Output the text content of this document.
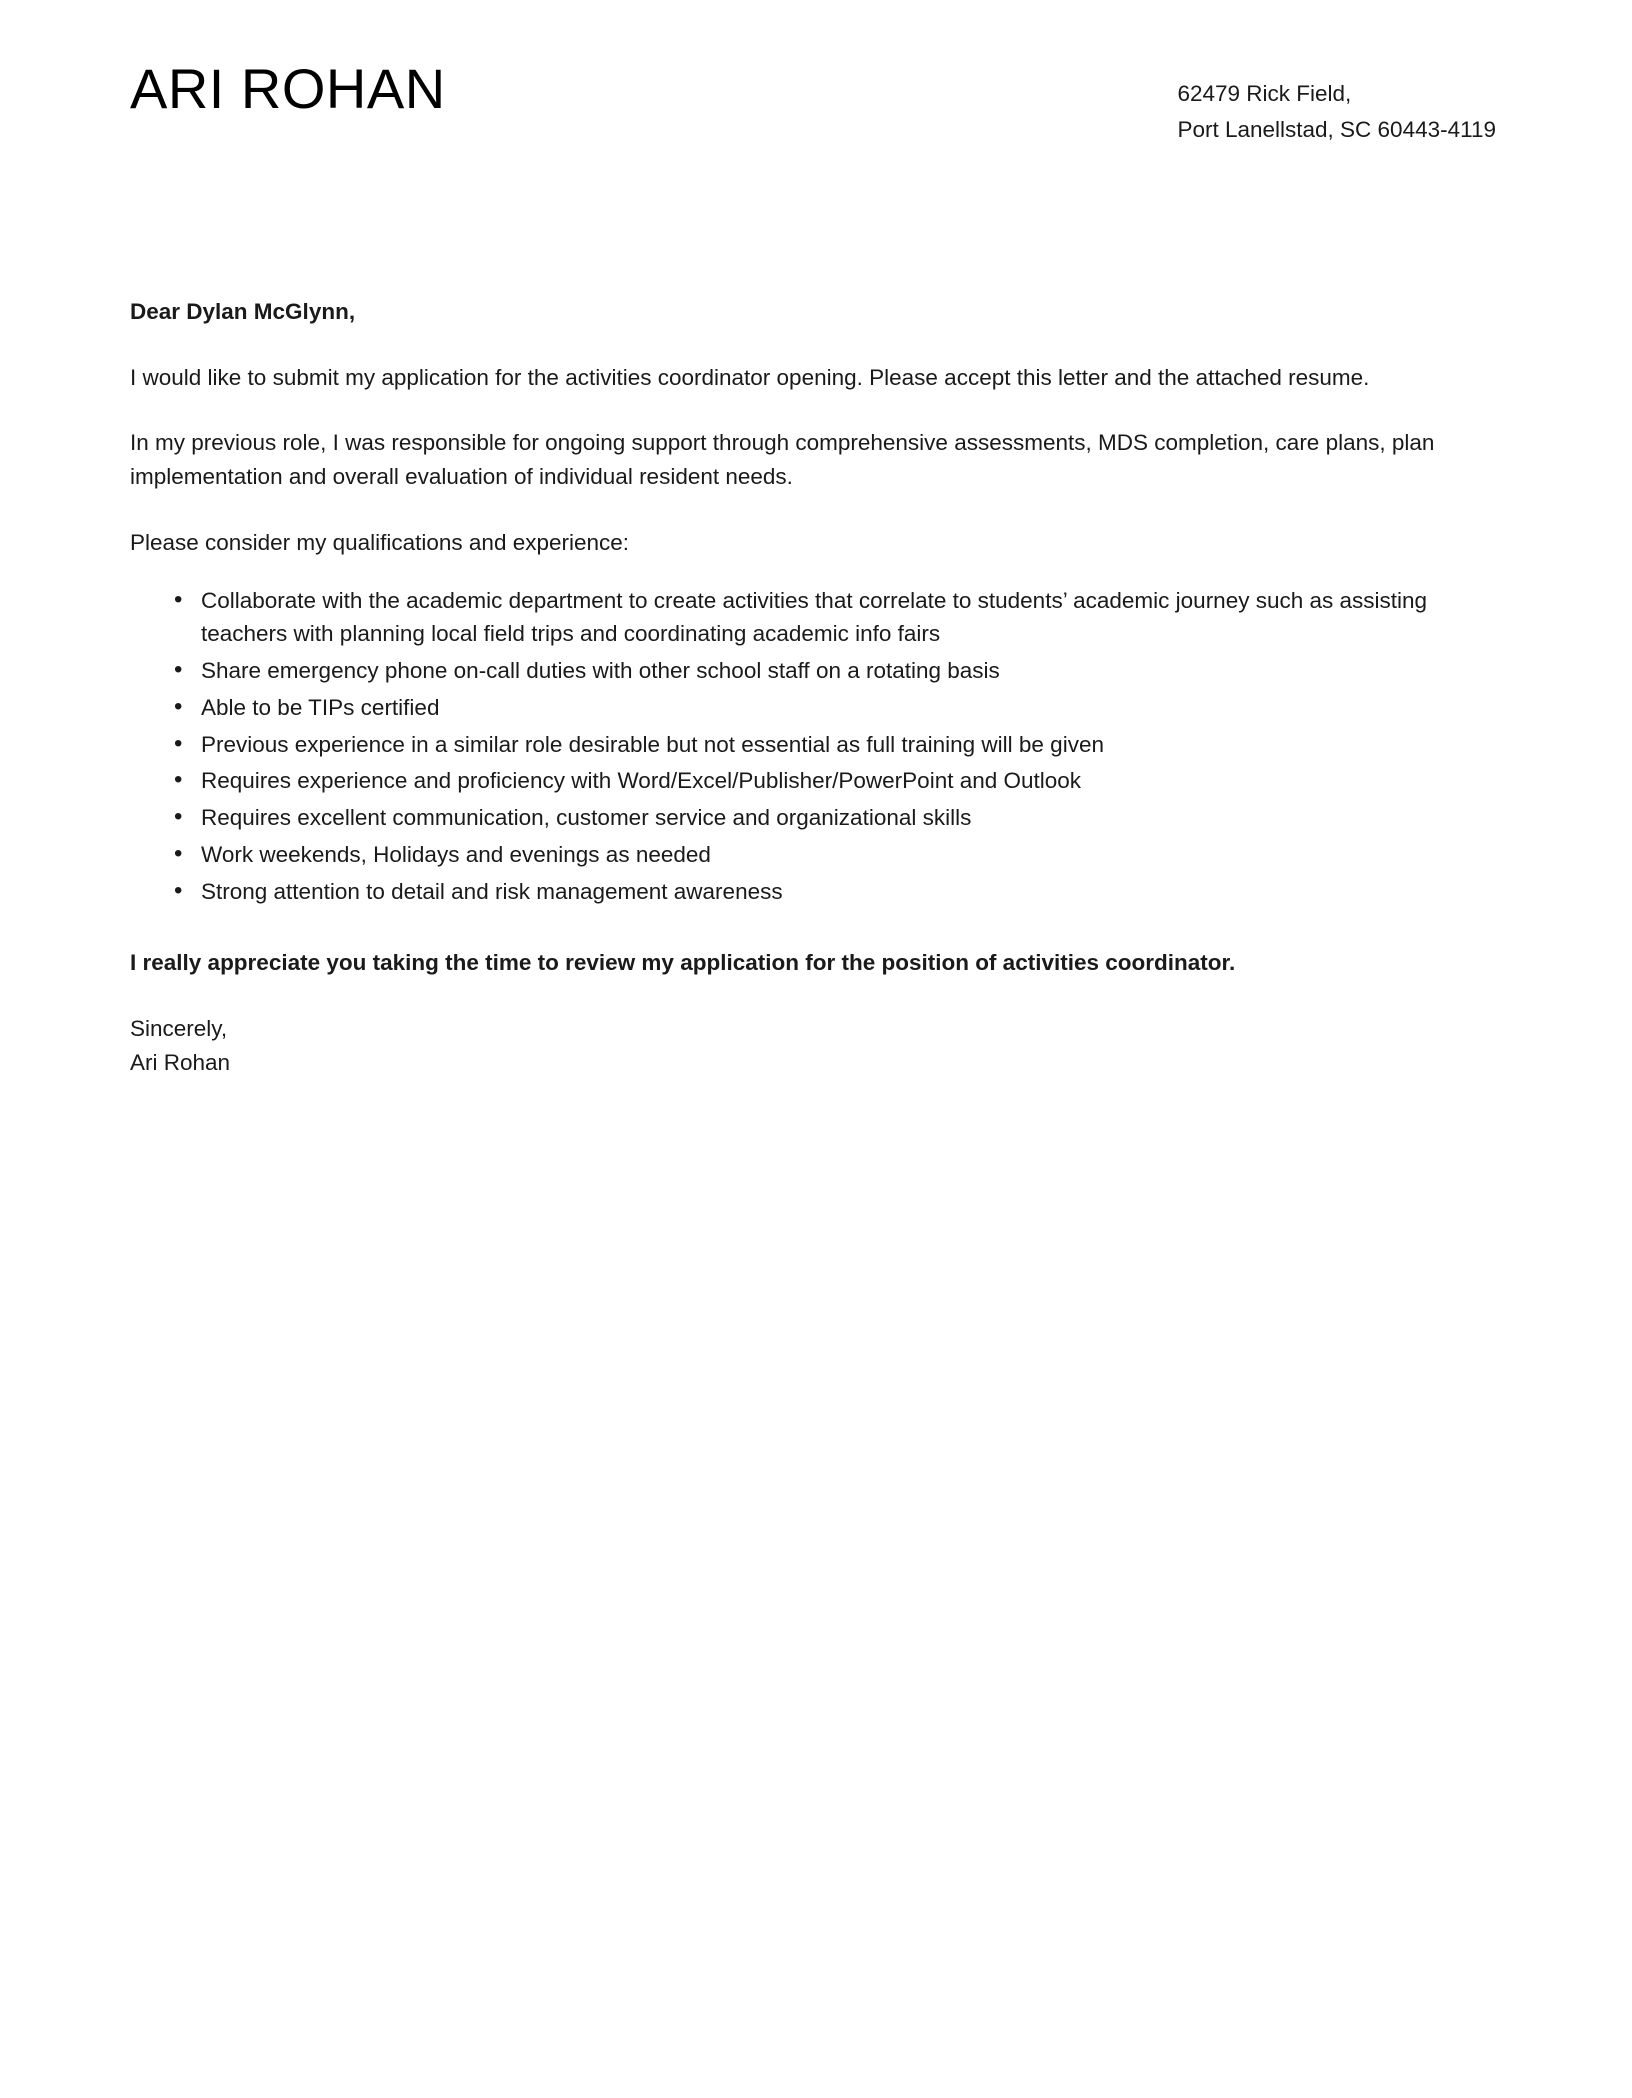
ARI ROHAN	62479 Rick Field,

Port Lanellstad, SC 60443-4119

Dear Dylan McGlynn,

I would like to submit my application for the activities coordinator opening. Please accept this letter and the attached resume.

In my previous role, I was responsible for ongoing support through comprehensive assessments, MDS completion, care plans, plan implementation and overall evaluation of individual resident needs.

Please consider my qualifications and experience:

• Collaborate with the academic department to create activities that correlate to students’ academic journey such as assisting teachers with planning local field trips and coordinating academic info fairs
• Share emergency phone on-call duties with other school staff on a rotating basis
• Able to be TIPs certified
• Previous experience in a similar role desirable but not essential as full training will be given
• Requires experience and proficiency with Word/Excel/Publisher/PowerPoint and Outlook
• Requires excellent communication, customer service and organizational skills
• Work weekends, Holidays and evenings as needed
• Strong attention to detail and risk management awareness

I really appreciate you taking the time to review my application for the position of activities coordinator.

Sincerely,

Ari Rohan
